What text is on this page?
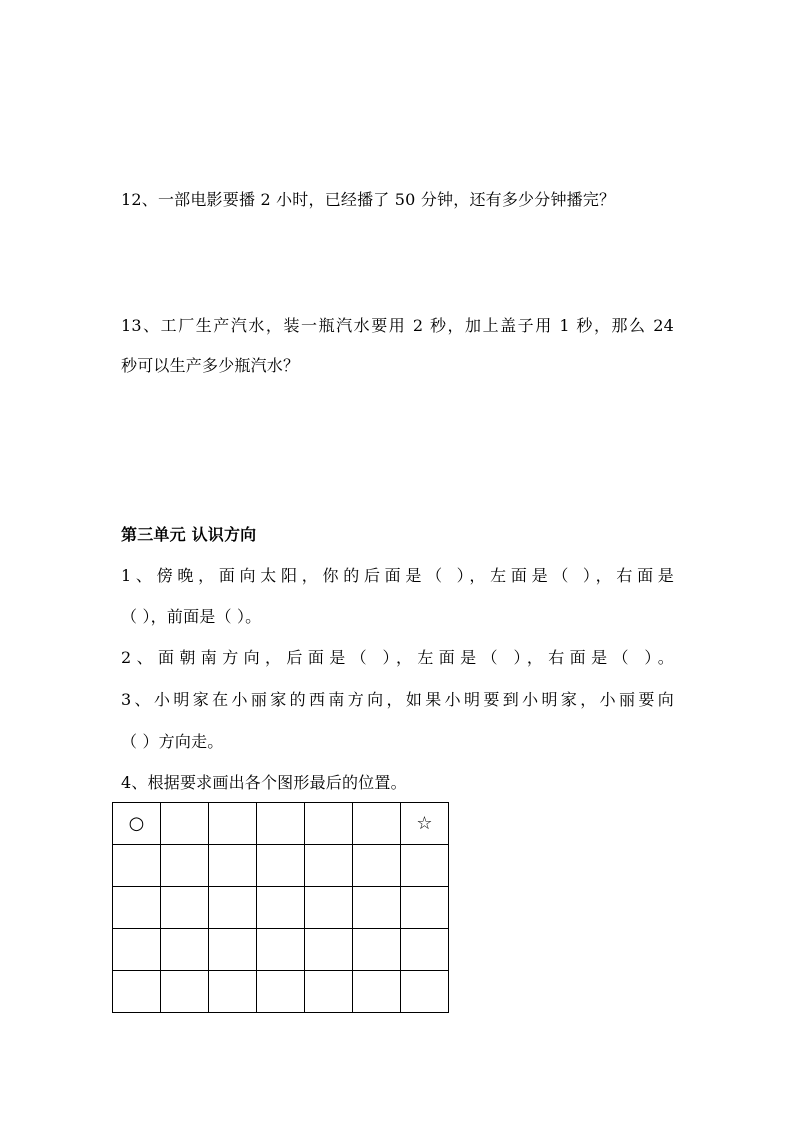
12、一部电影要播 2 小时，已经播了 50 分钟，还有多少分钟播完？
13、工厂生产汽水，装一瓶汽水要用 2 秒，加上盖子用 1 秒，那么 24
秒可以生产多少瓶汽水？
第三单元 认识方向
1、傍晚，面向太阳，你的后面是（ ），左面是（ ），右面是
（ ），前面是（ ）。
2、面朝南方向，后面是（ ），左面是（ ），右面是（ ）。
3、小明家在小丽家的西南方向，如果小明要到小明家，小丽要向
（ ）方向走。
4、根据要求画出各个图形最后的位置。
○						☆
